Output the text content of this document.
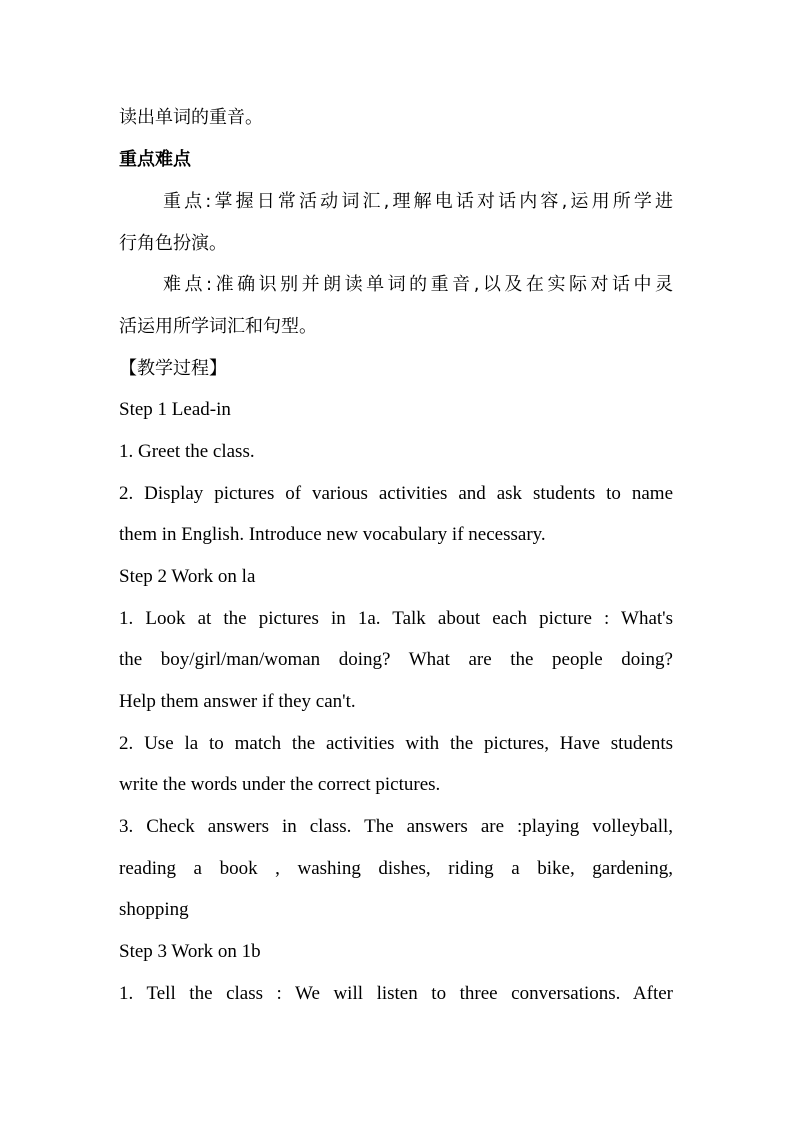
读出单词的重音。
重点难点
重点:掌握日常活动词汇,理解电话对话内容,运用所学进
行角色扮演。
难点:准确识别并朗读单词的重音,以及在实际对话中灵
活运用所学词汇和句型。
【教学过程】
Step 1 Lead-in
1. Greet the class.
2. Display pictures of various activities and ask students to name
them in English. Introduce new vocabulary if necessary.
Step 2 Work on la
1. Look at the pictures in 1a. Talk about each picture : What's
the boy/girl/man/woman doing? What are the people doing?
Help them answer if they can't.
2. Use la to match the activities with the pictures, Have students
write the words under the correct pictures.
3. Check answers in class. The answers are :playing volleyball,
reading a book , washing dishes, riding a bike, gardening,
shopping
Step 3 Work on 1b
1. Tell the class : We will listen to three conversations. After
